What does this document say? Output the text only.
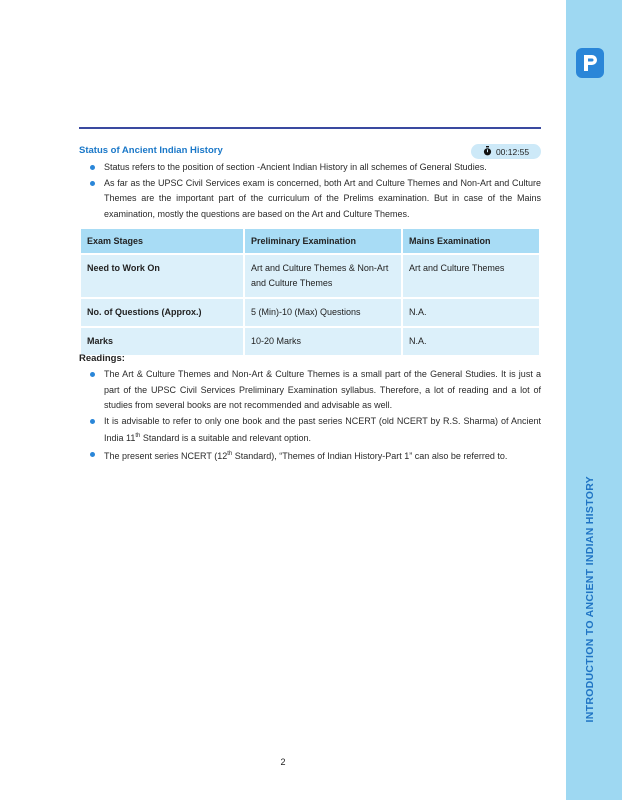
INTRODUCTION TO ANCIENT INDIAN HISTORY
Status of Ancient Indian History	00:12:55
Status refers to the position of section -Ancient Indian History in all schemes of General Studies.
As far as the UPSC Civil Services exam is concerned, both Art and Culture Themes and Non-Art and Culture Themes are the important part of the curriculum of the Prelims examination. But in case of the Mains examination, mostly the questions are based on the Art and Culture Themes.
Exam Stages	Preliminary Examination	Mains Examination
Need to Work On	Art and Culture Themes & Non-Art and Culture Themes	Art and Culture Themes
No. of Questions (Approx.)	5 (Min)-10 (Max) Questions	N.A.
Marks	10-20 Marks	N.A.
Readings:
The Art & Culture Themes and Non-Art & Culture Themes is a small part of the General Studies. It is just a part of the UPSC Civil Services Preliminary Examination syllabus. Therefore, a lot of reading and a lot of studies from several books are not recommended and advisable as well.
It is advisable to refer to only one book and the past series NCERT (old NCERT by R.S. Sharma) of Ancient India 11th Standard is a suitable and relevant option.
The present series NCERT (12th Standard), “Themes of Indian History-Part 1” can also be referred to.
2
